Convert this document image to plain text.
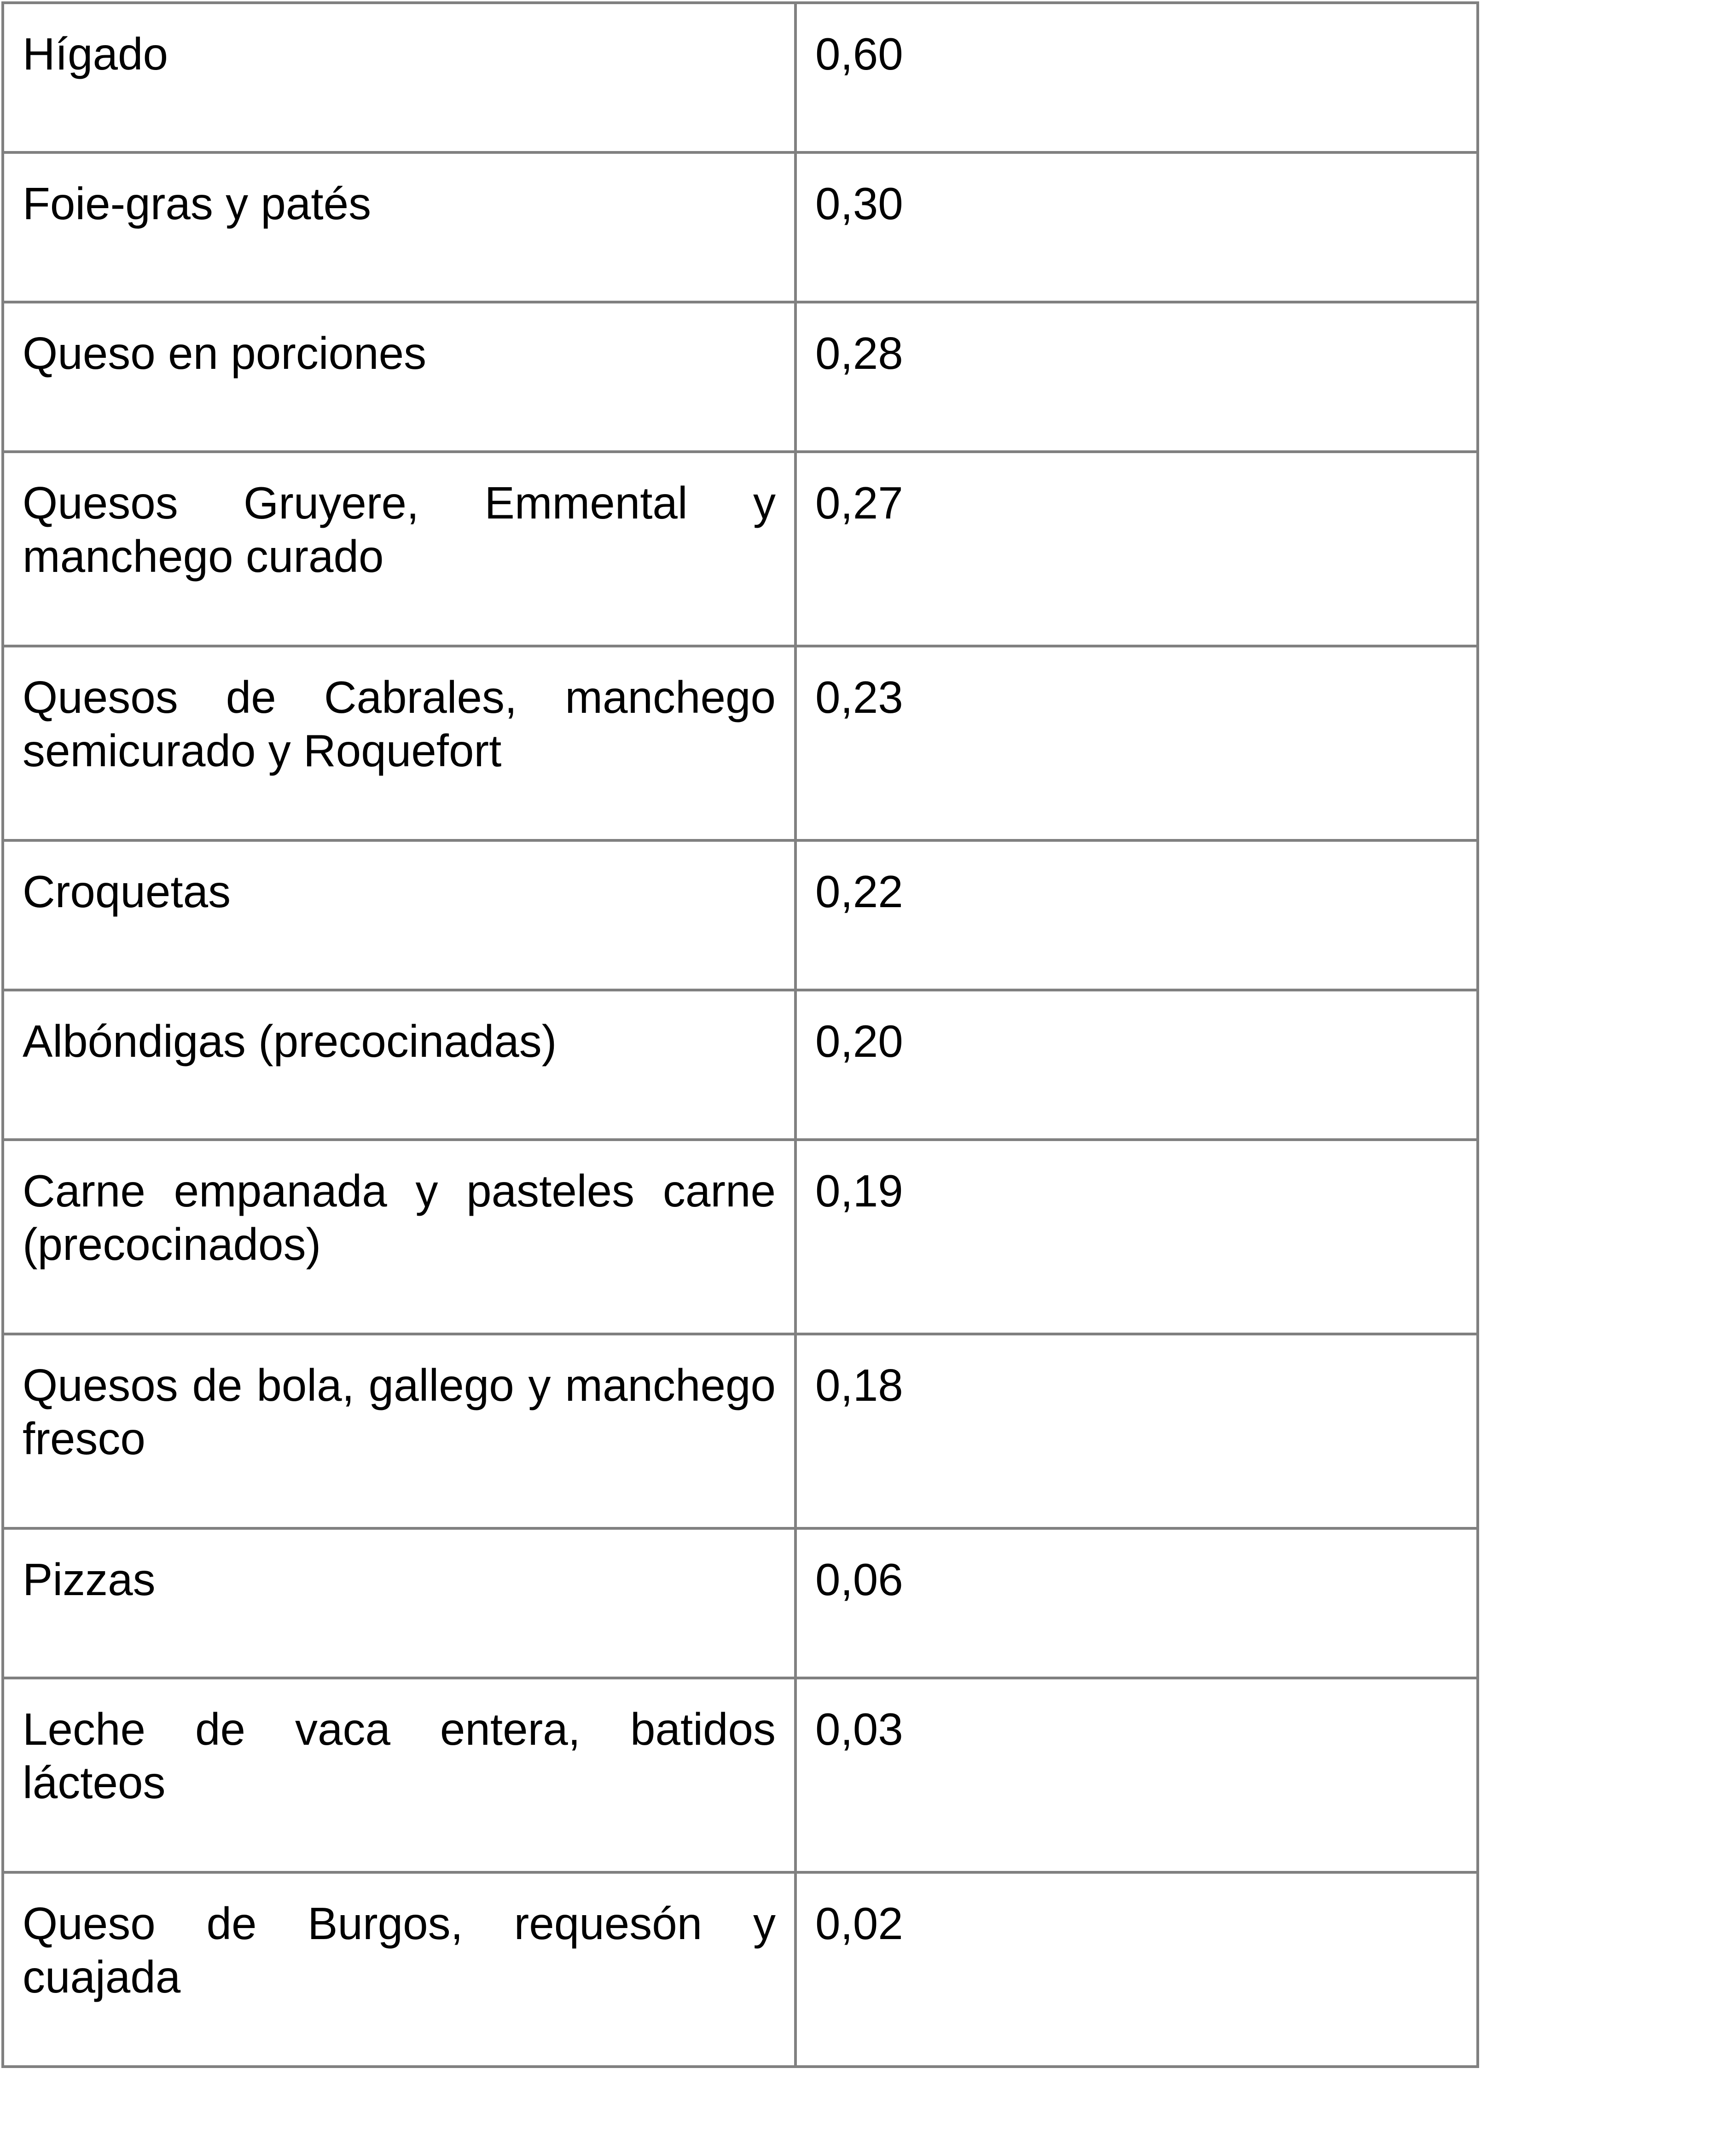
Hígado	0,60
Foie-gras y patés	0,30
Queso en porciones	0,28
Quesos Gruyere, Emmental y manchego curado	0,27
Quesos de Cabrales, manchego semicurado y Roquefort	0,23
Croquetas	0,22
Albóndigas (precocinadas)	0,20
Carne empanada y pasteles carne (precocinados)	0,19
Quesos de bola, gallego y manchego fresco	0,18
Pizzas	0,06
Leche de vaca entera, batidos lácteos	0,03
Queso de Burgos, requesón y cuajada	0,02
